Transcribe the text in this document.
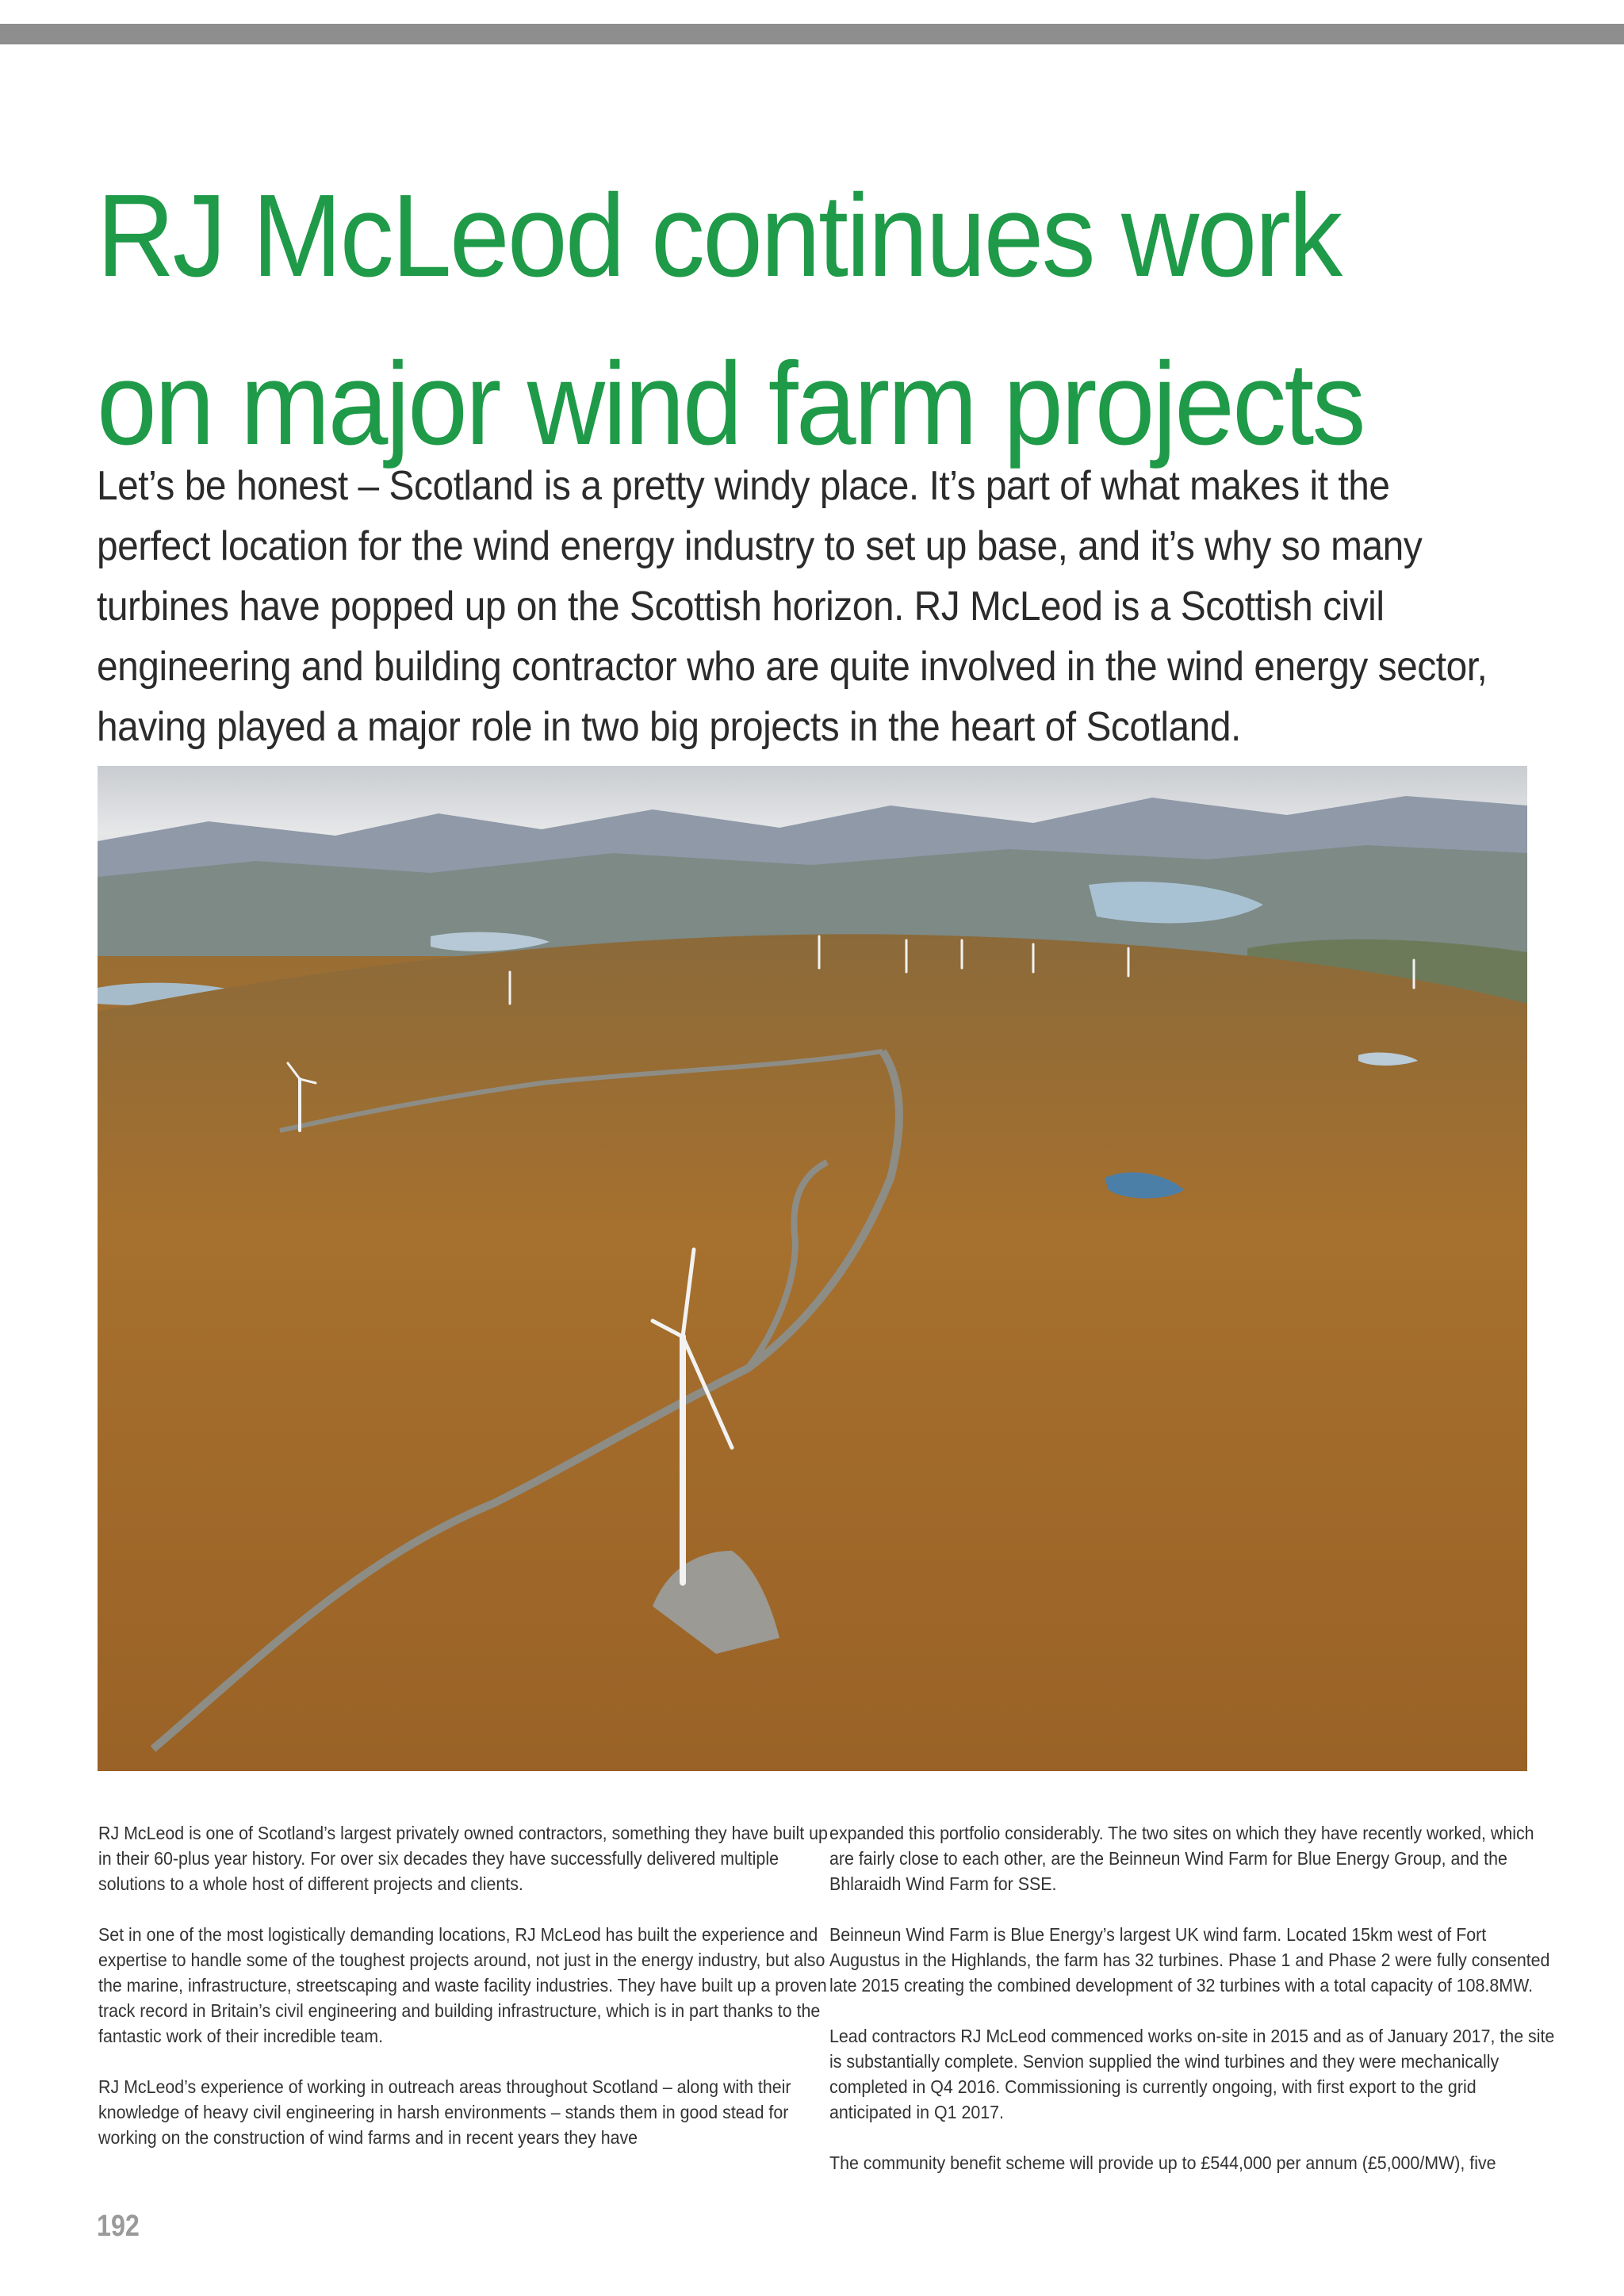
RJ McLeod continues work
on major wind farm projects

Let’s be honest – Scotland is a pretty windy place. It’s part of what makes it the perfect location for the wind energy industry to set up base, and it’s why so many turbines have popped up on the Scottish horizon. RJ McLeod is a Scottish civil engineering and building contractor who are quite involved in the wind energy sector, having played a major role in two big projects in the heart of Scotland.

RJ McLeod is one of Scotland’s largest privately owned contractors, something they have built up in their 60-plus year history. For over six decades they have successfully delivered multiple solutions to a whole host of different projects and clients.

Set in one of the most logistically demanding locations, RJ McLeod has built the experience and expertise to handle some of the toughest projects around, not just in the energy industry, but also the marine, infrastructure, streetscaping and waste facility industries. They have built up a proven track record in Britain’s civil engineering and building infrastructure, which is in part thanks to the fantastic work of their incredible team.

RJ McLeod’s experience of working in outreach areas throughout Scotland – along with their knowledge of heavy civil engineering in harsh environments – stands them in good stead for working on the construction of wind farms and in recent years they have

expanded this portfolio considerably. The two sites on which they have recently worked, which are fairly close to each other, are the Beinneun Wind Farm for Blue Energy Group, and the Bhlaraidh Wind Farm for SSE.

Beinneun Wind Farm is Blue Energy’s largest UK wind farm. Located 15km west of Fort Augustus in the Highlands, the farm has 32 turbines. Phase 1 and Phase 2 were fully consented late 2015 creating the combined development of 32 turbines with a total capacity of 108.8MW.

Lead contractors RJ McLeod commenced works on-site in 2015 and as of January 2017, the site is substantially complete. Senvion supplied the wind turbines and they were mechanically completed in Q4 2016. Commissioning is currently ongoing, with first export to the grid anticipated in Q1 2017.

The community benefit scheme will provide up to £544,000 per annum (£5,000/MW), five

192
